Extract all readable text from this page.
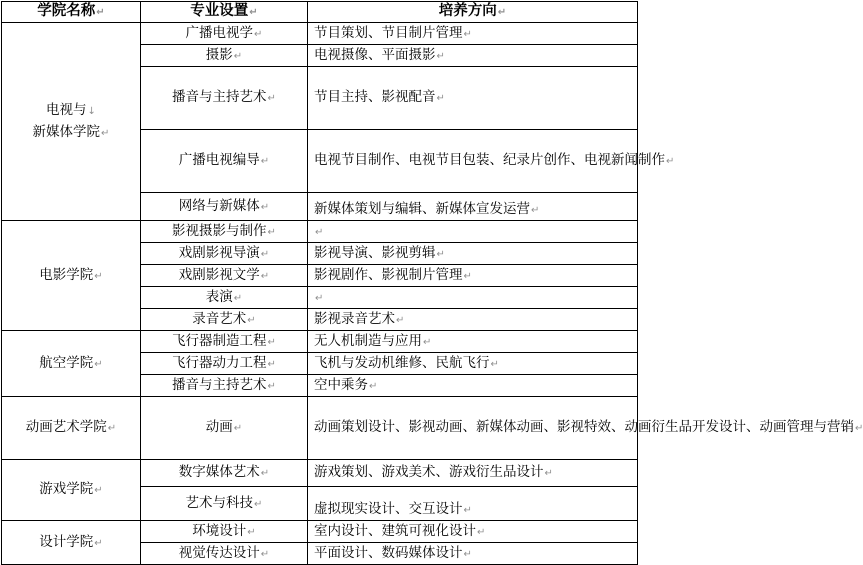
学院名称↵	专业设置↵	培养方向↵
电视与↓
新媒体学院↵	广播电视学↵	节目策划、节目制片管理↵
	摄影↵	电视摄像、平面摄影↵
	播音与主持艺术↵	节目主持、影视配音↵
	广播电视编导↵	电视节目制作、电视节目包装、纪录片创作、电视新闻制作↵
	网络与新媒体↵	新媒体策划与编辑、新媒体宣发运营↵
电影学院↵	影视摄影与制作↵	↵
	戏剧影视导演↵	影视导演、影视剪辑↵
	戏剧影视文学↵	影视剧作、影视制片管理↵
	表演↵	↵
	录音艺术↵	影视录音艺术↵
航空学院↵	飞行器制造工程↵	无人机制造与应用↵
	飞行器动力工程↵	飞机与发动机维修、民航飞行↵
	播音与主持艺术↵	空中乘务↵
动画艺术学院↵	动画↵	动画策划设计、影视动画、新媒体动画、影视特效、动画衍生品开发设计、动画管理与营销↵
游戏学院↵	数字媒体艺术↵	游戏策划、游戏美术、游戏衍生品设计↵
	艺术与科技↵	虚拟现实设计、交互设计↵
设计学院↵	环境设计↵	室内设计、建筑可视化设计↵
	视觉传达设计↵	平面设计、数码媒体设计↵
